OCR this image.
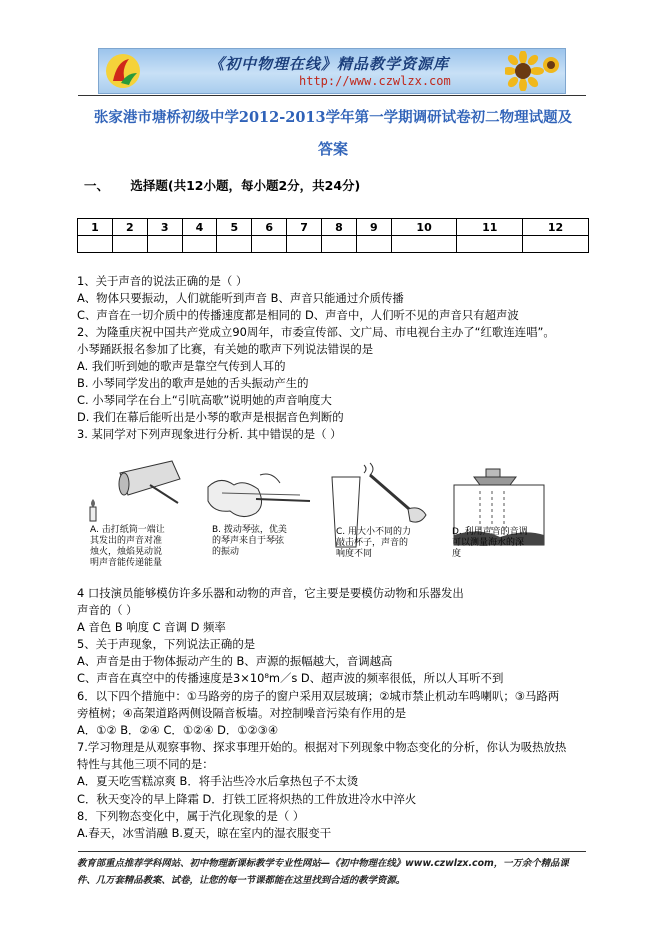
《初中物理在线》精品教学资源库
http://www.czwlzx.com
张家港市塘桥初级中学2012-2013学年第一学期调研试卷初二物理试题及
答案
一、 选择题(共12小题，每小题2分，共24分)
1	2	3	4	5	6	7	8	9	10	11	12

1、关于声音的说法正确的是（ ）
A、物体只要振动，人们就能听到声音 B、声音只能通过介质传播
C、声音在一切介质中的传播速度都是相同的 D、声音中，人们听不见的声音只有超声波
2、为隆重庆祝中国共产党成立90周年，市委宣传部、文广局、市电视台主办了“红歌连连唱”。
小琴踊跃报名参加了比赛，有关她的歌声下列说法错误的是
A. 我们听到她的歌声是靠空气传到人耳的
B. 小琴同学发出的歌声是她的舌头振动产生的
C. 小琴同学在台上“引吭高歌”说明她的声音响度大
D. 我们在幕后能听出是小琴的歌声是根据音色判断的
3. 某同学对下列声现象进行分析. 其中错误的是（ ）
A. 击打纸筒一端让其发出的声音对准烛火，烛焰晃动说明声音能传递能量
B. 拨动琴弦，优美的琴声来自于琴弦的振动
C. 用大小不同的力敲击杯子，声音的响度不同
D. 利用声音的音调可以测量海水的深度
4 口技演员能够模仿许多乐器和动物的声音，它主要是要模仿动物和乐器发出
声音的（ ）
A 音色 B 响度 C 音调 D 频率
5、关于声现象，下列说法正确的是
A、声音是由于物体振动产生的 B、声源的振幅越大，音调越高
C、声音在真空中的传播速度是3×10⁸m／s D、超声波的频率很低，所以人耳听不到
6．以下四个措施中：①马路旁的房子的窗户采用双层玻璃；②城市禁止机动车鸣喇叭；③马路两
旁植树；④高架道路两侧设隔音板墙。对控制噪音污染有作用的是
A．①② B．②④ C．①②④ D．①②③④
7.学习物理是从观察事物、探求事理开始的。根据对下列现象中物态变化的分析，你认为吸热放热
特性与其他三项不同的是：
A．夏天吃雪糕凉爽 B．将手沾些冷水后拿热包子不太烫
C．秋天变冷的早上降霜 D．打铁工匠将炽热的工件放进冷水中淬火
8．下列物态变化中，属于汽化现象的是（ ）
A.春天，冰雪消融 B.夏天，晾在室内的湿衣服变干
教育部重点推荐学科网站、初中物理新课标教学专业性网站—《初中物理在线》www.czwlzx.com，一万余个精品课
件、几万套精品教案、试卷，让您的每一节课都能在这里找到合适的教学资源。
